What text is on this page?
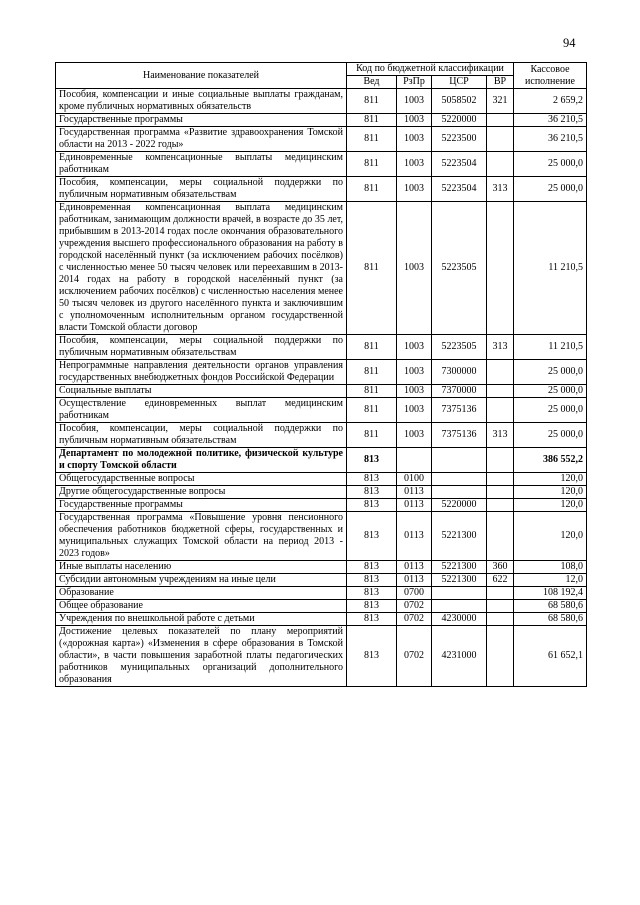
94
Наименование показателей	Код по бюджетной классификации				Кассовое исполнение
	Вед	РзПр	ЦСР	ВР	
Пособия, компенсации и иные социальные выплаты гражданам, кроме публичных нормативных обязательств	811	1003	5058502	321	2 659,2
Государственные программы	811	1003	5220000		36 210,5
Государственная программа «Развитие здравоохранения Томской области на 2013 - 2022 годы»	811	1003	5223500		36 210,5
Единовременные компенсационные выплаты медицинским работникам	811	1003	5223504		25 000,0
Пособия, компенсации, меры социальной поддержки по публичным нормативным обязательствам	811	1003	5223504	313	25 000,0
Единовременная компенсационная выплата медицинским работникам, занимающим должности врачей, в возрасте до 35 лет, прибывшим в 2013-2014 годах после окончания образовательного учреждения высшего профессионального образования на работу в городской населённый пункт (за исключением рабочих посёлков) с численностью менее 50 тысяч человек или переехавшим в 2013-2014 годах на работу в городской населённый пункт (за исключением рабочих посёлков) с численностью населения менее 50 тысяч человек из другого населённого пункта и заключившим с уполномоченным исполнительным органом государственной власти Томской области договор	811	1003	5223505		11 210,5
Пособия, компенсации, меры социальной поддержки по публичным нормативным обязательствам	811	1003	5223505	313	11 210,5
Непрограммные направления деятельности органов управления государственных внебюджетных фондов Российской Федерации	811	1003	7300000		25 000,0
Социальные выплаты	811	1003	7370000		25 000,0
Осуществление единовременных выплат медицинским работникам	811	1003	7375136		25 000,0
Пособия, компенсации, меры социальной поддержки по публичным нормативным обязательствам	811	1003	7375136	313	25 000,0
Департамент по молодежной политике, физической культуре и спорту Томской области	813				386 552,2
Общегосударственные вопросы	813	0100			120,0
Другие общегосударственные вопросы	813	0113			120,0
Государственные программы	813	0113	5220000		120,0
Государственная программа «Повышение уровня пенсионного обеспечения работников бюджетной сферы, государственных и муниципальных служащих Томской области на период 2013 - 2023 годов»	813	0113	5221300		120,0
Иные выплаты населению	813	0113	5221300	360	108,0
Субсидии автономным учреждениям на иные цели	813	0113	5221300	622	12,0
Образование	813	0700			108 192,4
Общее образование	813	0702			68 580,6
Учреждения по внешкольной работе с детьми	813	0702	4230000		68 580,6
Достижение целевых показателей по плану мероприятий («дорожная карта») «Изменения в сфере образования в Томской области», в части повышения заработной платы педагогических работников муниципальных организаций дополнительного образования	813	0702	4231000		61 652,1
